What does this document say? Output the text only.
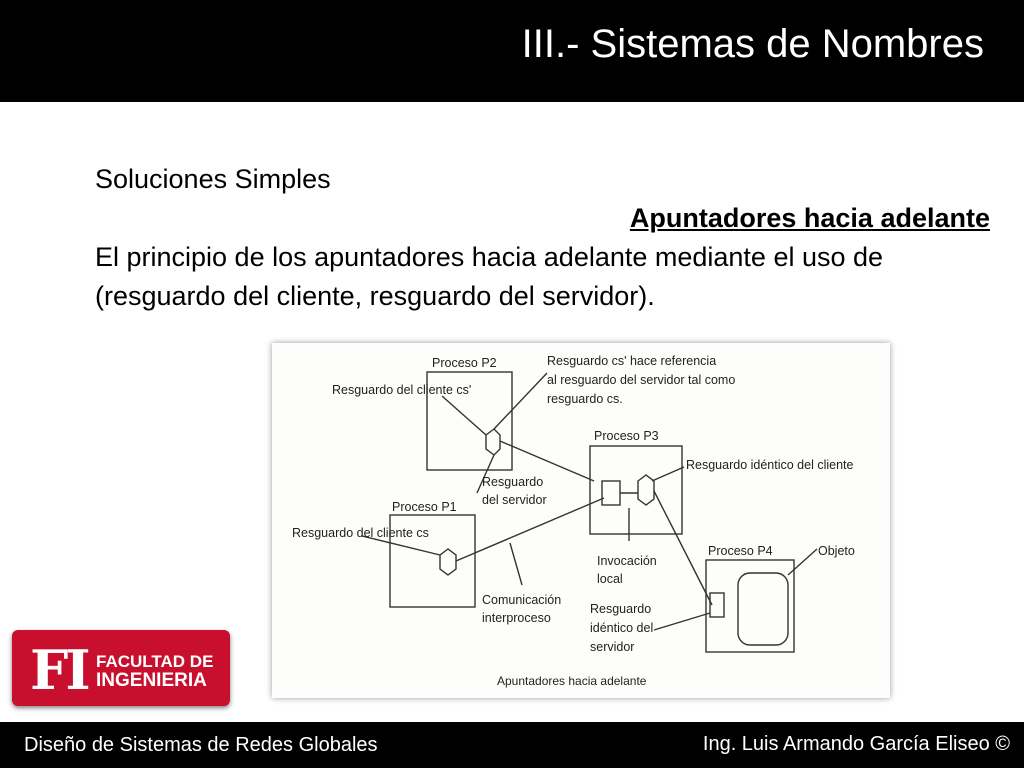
III.- Sistemas de Nombres

Soluciones Simples

Apuntadores hacia adelante

El principio de los apuntadores hacia adelante mediante el uso de (resguardo del cliente, resguardo del servidor).

Proceso P2
Resguardo del cliente cs'
Resguardo cs' hace referencia
al resguardo del servidor tal como
resguardo cs.
Proceso P3
Resguardo idéntico del cliente
Resguardo
del servidor
Proceso P1
Resguardo del cliente cs
Proceso P4	Objeto
Invocación
local
Comunicación
interproceso
Resguardo
idéntico del
servidor
Apuntadores hacia adelante
FI FACULTAD DE
INGENIERIA
Diseño de Sistemas de Redes Globales	Ing. Luis Armando García Eliseo ©
